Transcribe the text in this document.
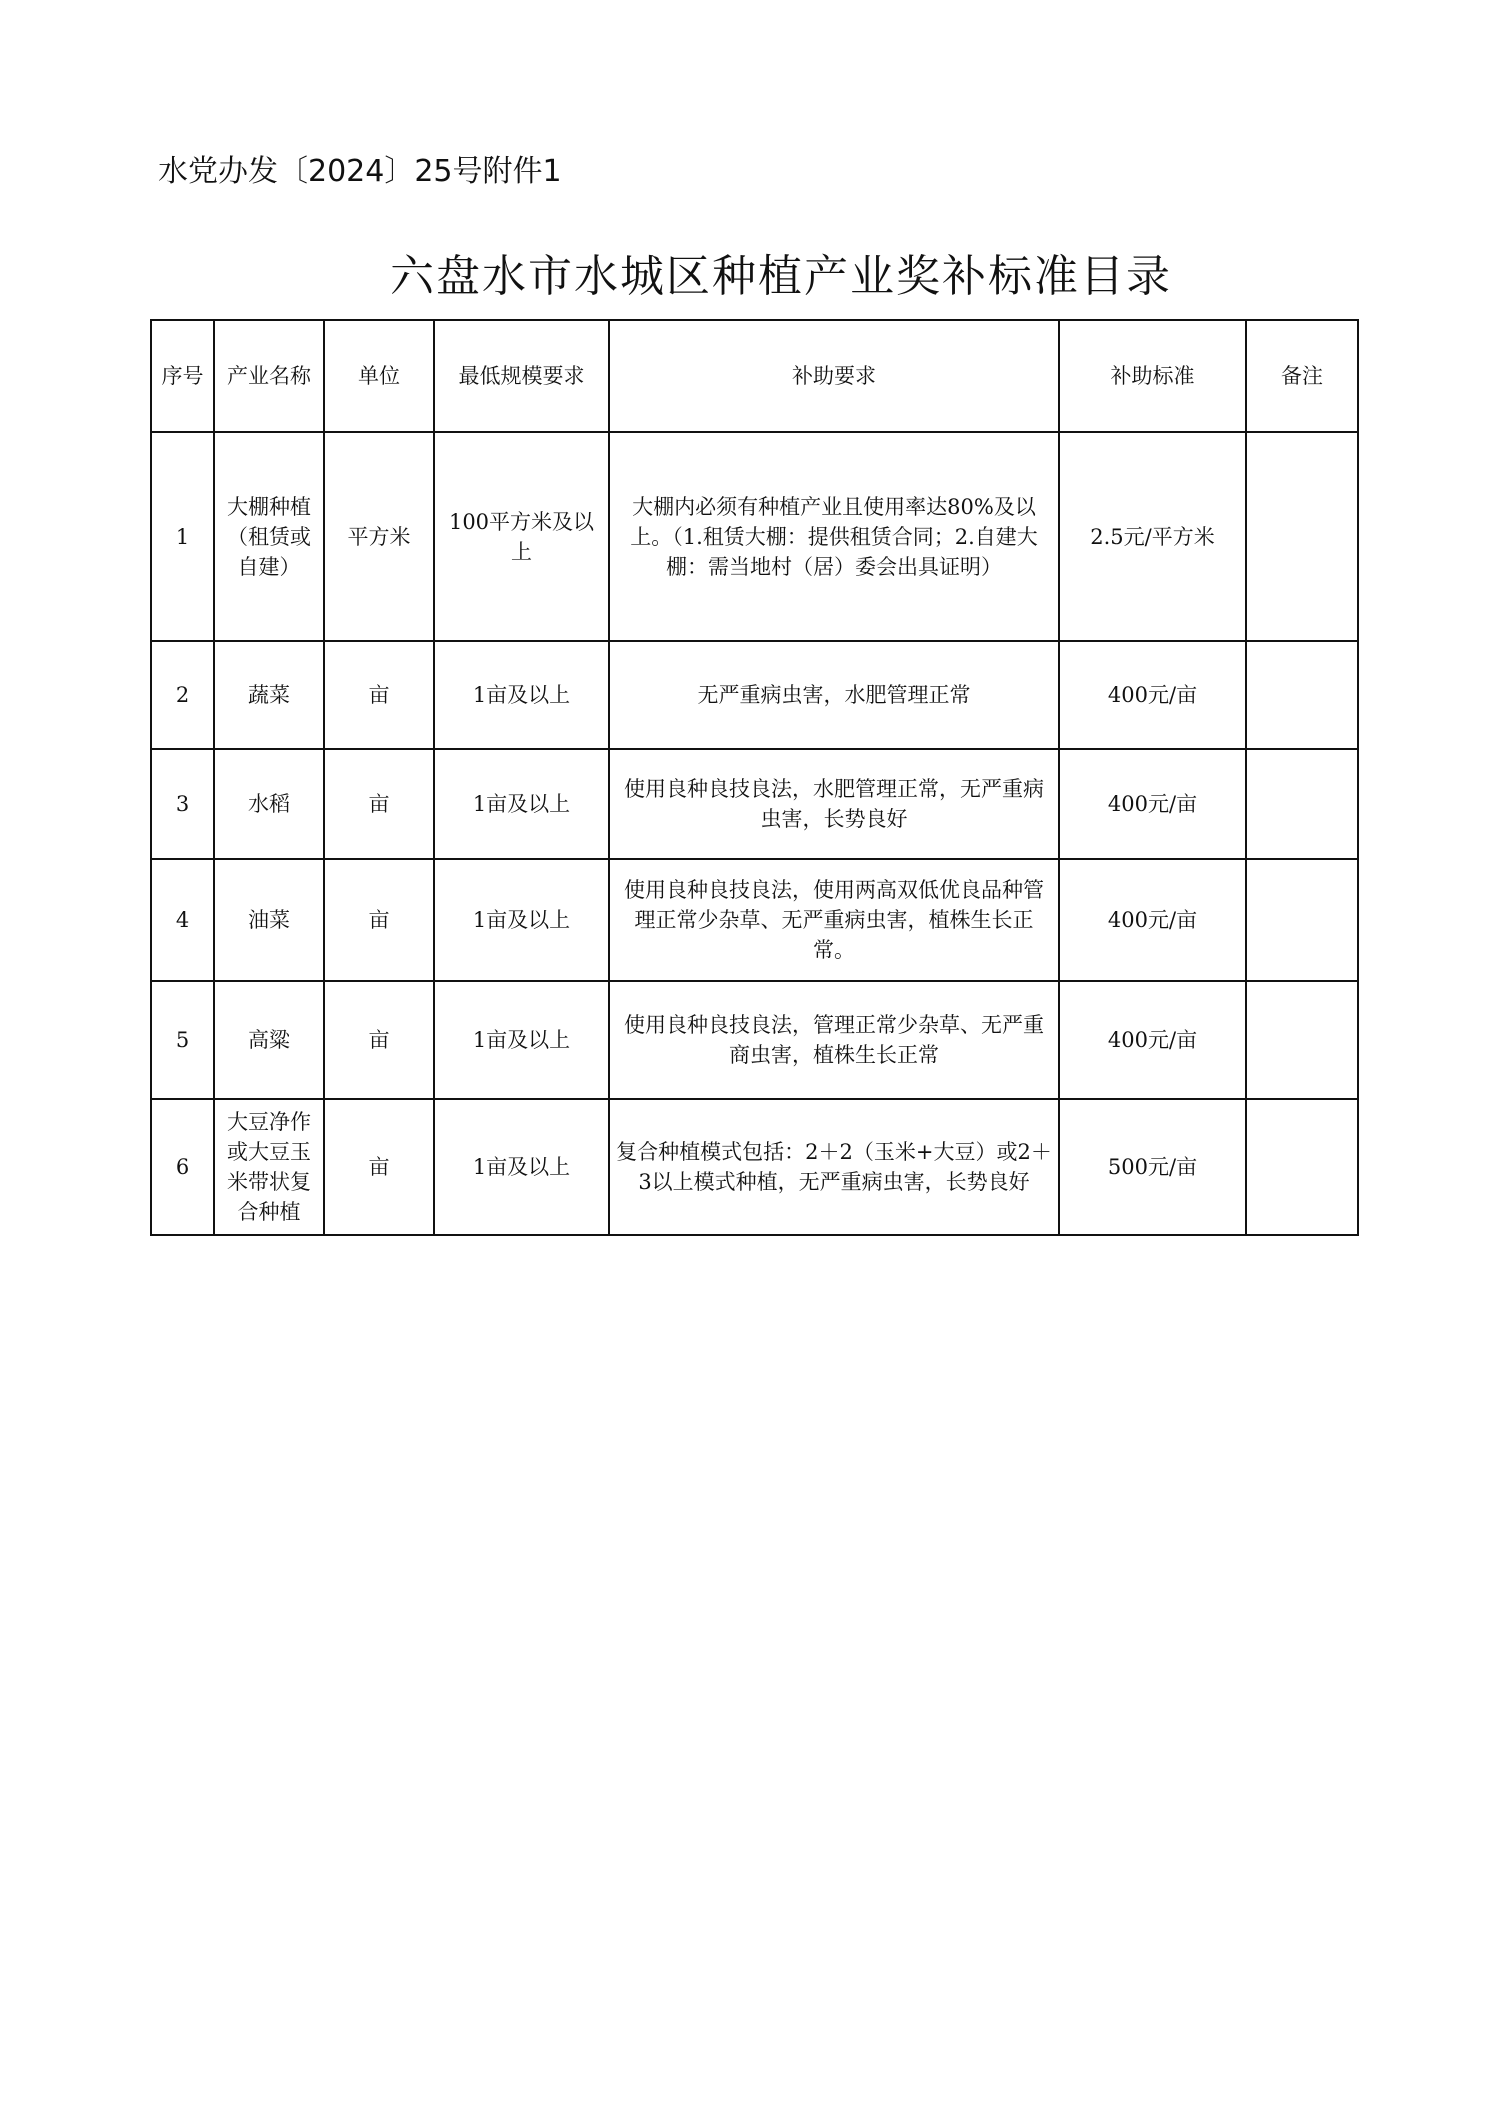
水党办发〔2024〕25号附件1
六盘水市水城区种植产业奖补标准目录
序号	产业名称	单位	最低规模要求	补助要求	补助标准	备注
1	大棚种植（租赁或自建）	平方米	100平方米及以上	大棚内必须有种植产业且使用率达80%及以上。（1.租赁大棚：提供租赁合同；2.自建大棚：需当地村（居）委会出具证明）	2.5元/平方米	
2	蔬菜	亩	1亩及以上	无严重病虫害，水肥管理正常	400元/亩	
3	水稻	亩	1亩及以上	使用良种良技良法，水肥管理正常，无严重病虫害，长势良好	400元/亩	
4	油菜	亩	1亩及以上	使用良种良技良法，使用两高双低优良品种管理正常少杂草、无严重病虫害，植株生长正常。	400元/亩	
5	高粱	亩	1亩及以上	使用良种良技良法，管理正常少杂草、无严重商虫害，植株生长正常	400元/亩	
6	大豆净作或大豆玉米带状复合种植	亩	1亩及以上	复合种植模式包括：2＋2（玉米+大豆）或2＋3以上模式种植，无严重病虫害，长势良好	500元/亩	
